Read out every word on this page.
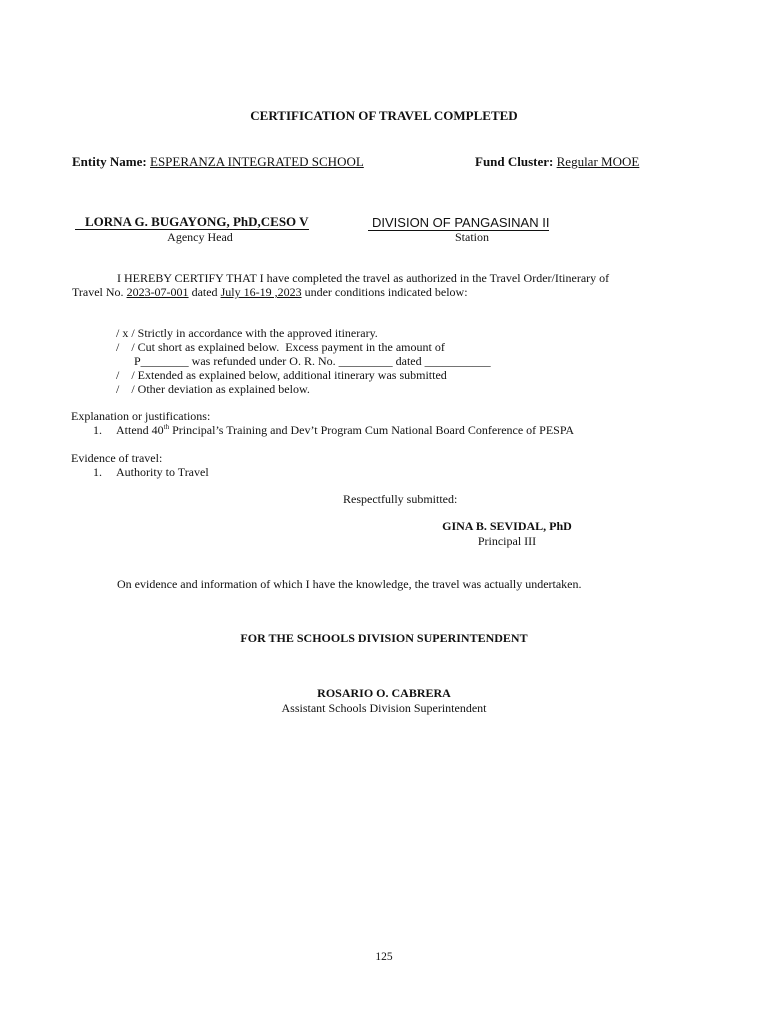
CERTIFICATION OF TRAVEL COMPLETED
Entity Name: ESPERANZA INTEGRATED SCHOOL	Fund Cluster: Regular MOOE
LORNA G. BUGAYONG, PhD,CESO V
Agency Head
DIVISION OF PANGASINAN II
Station
I HEREBY CERTIFY THAT I have completed the travel as authorized in the Travel Order/Itinerary of
Travel No. 2023-07-001 dated July 16-19 ,2023 under conditions indicated below:
/ x / Strictly in accordance with the approved itinerary.
/    / Cut short as explained below.  Excess payment in the amount of
P________ was refunded under O. R. No. _________ dated ___________
/    / Extended as explained below, additional itinerary was submitted
/    / Other deviation as explained below.
Explanation or justifications:
1. Attend 40th Principal’s Training and Dev’t Program Cum National Board Conference of PESPA
Evidence of travel:
1. Authority to Travel
Respectfully submitted:
GINA B. SEVIDAL, PhD
Principal III
On evidence and information of which I have the knowledge, the travel was actually undertaken.
FOR THE SCHOOLS DIVISION SUPERINTENDENT
ROSARIO O. CABRERA
Assistant Schools Division Superintendent
125
